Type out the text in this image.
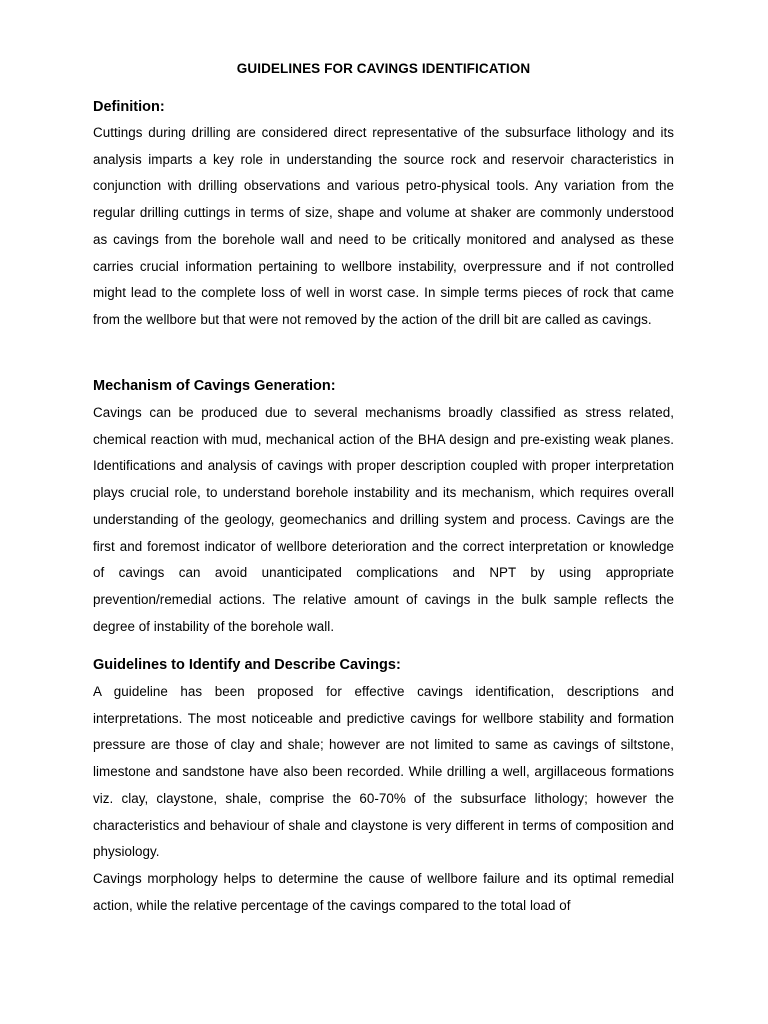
GUIDELINES FOR CAVINGS IDENTIFICATION
Definition:

Cuttings during drilling are considered direct representative of the subsurface lithology and its analysis imparts a key role in understanding the source rock and reservoir characteristics in conjunction with drilling observations and various petro-physical tools. Any variation from the regular drilling cuttings in terms of size, shape and volume at shaker are commonly understood as cavings from the borehole wall and need to be critically monitored and analysed as these carries crucial information pertaining to wellbore instability, overpressure and if not controlled might lead to the complete loss of well in worst case. In simple terms pieces of rock that came from the wellbore but that were not removed by the action of the drill bit are called as cavings.

Mechanism of Cavings Generation:

Cavings can be produced due to several mechanisms broadly classified as stress related, chemical reaction with mud, mechanical action of the BHA design and pre-existing weak planes. Identifications and analysis of cavings with proper description coupled with proper interpretation plays crucial role, to understand borehole instability and its mechanism, which requires overall understanding of the geology, geomechanics and drilling system and process. Cavings are the first and foremost indicator of wellbore deterioration and the correct interpretation or knowledge of cavings can avoid unanticipated complications and NPT by using appropriate prevention/remedial actions. The relative amount of cavings in the bulk sample reflects the degree of instability of the borehole wall.

Guidelines to Identify and Describe Cavings:

A guideline has been proposed for effective cavings identification, descriptions and interpretations. The most noticeable and predictive cavings for wellbore stability and formation pressure are those of clay and shale; however are not limited to same as cavings of siltstone, limestone and sandstone have also been recorded. While drilling a well, argillaceous formations viz. clay, claystone, shale, comprise the 60-70% of the subsurface lithology; however the characteristics and behaviour of shale and claystone is very different in terms of composition and physiology.

Cavings morphology helps to determine the cause of wellbore failure and its optimal remedial action, while the relative percentage of the cavings compared to the total load of
